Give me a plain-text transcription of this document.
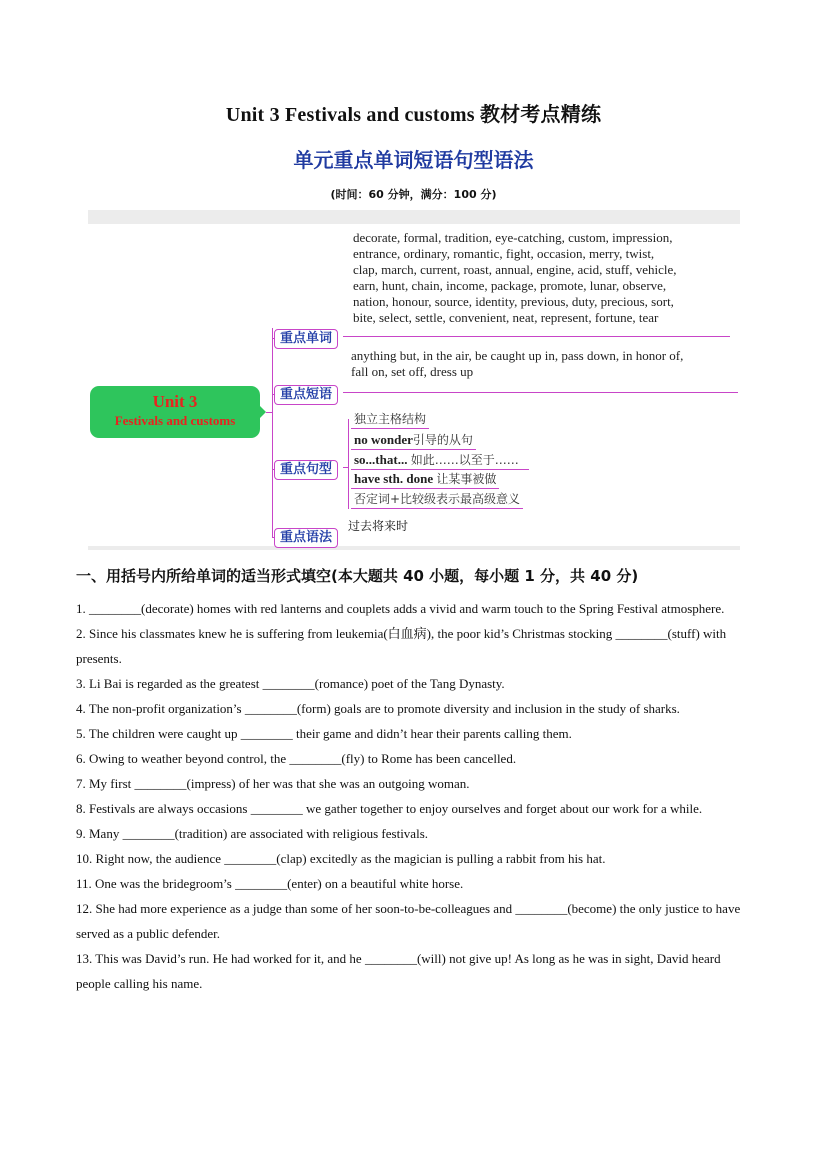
Unit 3 Festivals and customs 教材考点精练
单元重点单词短语句型语法
(时间：60 分钟，满分：100 分)
Unit 3
Festivals and customs
重点单词
decorate, formal, tradition, eye-catching, custom, impression,
entrance, ordinary, romantic, fight, occasion, merry, twist,
clap, march, current, roast, annual, engine, acid, stuff, vehicle,
earn, hunt, chain, income, package, promote, lunar, observe,
nation, honour, source, identity, previous, duty, precious, sort,
bite, select, settle, convenient, neat, represent, fortune, tear
重点短语
anything but, in the air, be caught up in, pass down, in honor of,
fall on, set off, dress up
重点句型
独立主格结构
no wonder引导的从句
so...that... 如此……以至于……
have sth. done 让某事被做
否定词+比较级表示最高级意义
重点语法
过去将来时
一、用括号内所给单词的适当形式填空(本大题共 40 小题，每小题 1 分，共 40 分)

1. ________(decorate) homes with red lanterns and couplets adds a vivid and warm touch to the Spring Festival atmosphere.

2. Since his classmates knew he is suffering from leukemia(白血病), the poor kid’s Christmas stocking ________(stuff) with presents.

3. Li Bai is regarded as the greatest ________(romance) poet of the Tang Dynasty.

4. The non-profit organization’s ________(form) goals are to promote diversity and inclusion in the study of sharks.

5. The children were caught up ________ their game and didn’t hear their parents calling them.

6. Owing to weather beyond control, the ________(fly) to Rome has been cancelled.

7. My first ________(impress) of her was that she was an outgoing woman.

8. Festivals are always occasions ________ we gather together to enjoy ourselves and forget about our work for a while.

9. Many ________(tradition) are associated with religious festivals.

10. Right now, the audience ________(clap) excitedly as the magician is pulling a rabbit from his hat.

11. One was the bridegroom’s ________(enter) on a beautiful white horse.

12. She had more experience as a judge than some of her soon-to-be-colleagues and ________(become) the only justice to have served as a public defender.

13. This was David’s run. He had worked for it, and he ________(will) not give up! As long as he was in sight, David heard people calling his name.
